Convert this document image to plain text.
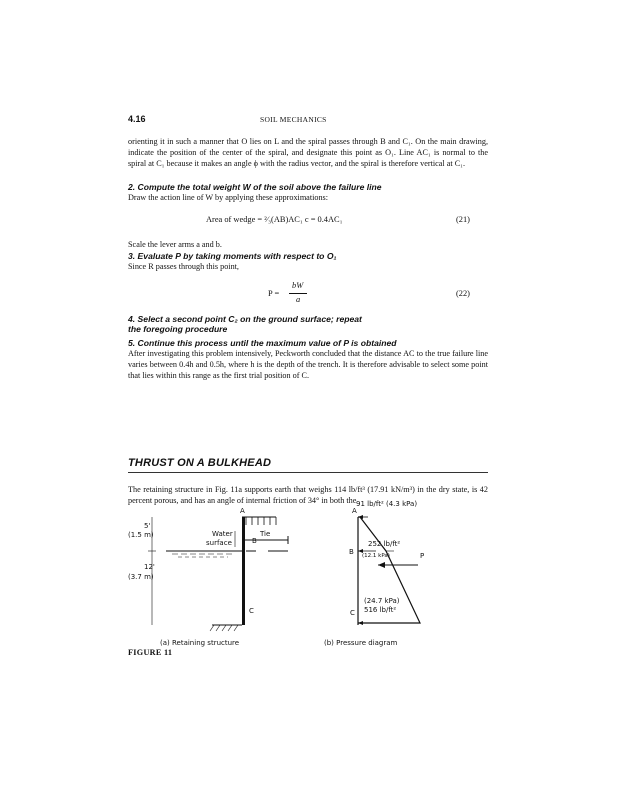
4.16	SOIL MECHANICS
orienting it in such a manner that O lies on L and the spiral passes through B and C₁. On the main drawing, indicate the position of the center of the spiral, and designate this point as O₁. Line AC₁ is normal to the spiral at C₁ because it makes an angle ϕ with the radius vector, and the spiral is therefore vertical at C₁.
2. Compute the total weight W of the soil above the failure line
Draw the action line of W by applying these approximations:
Area of wedge = ²⁄₃(AB)AC₁ c = 0.4AC₁	(21)
Scale the lever arms a and b.
3. Evaluate P by taking moments with respect to O₁
Since R passes through this point,
P =
bW
a
(22)
4. Select a second point C₂ on the ground surface; repeat
the foregoing procedure
5. Continue this process until the maximum value of P is obtained
After investigating this problem intensively, Peckworth concluded that the distance AC to the true failure line varies between 0.4h and 0.5h, where h is the depth of the trench. It is therefore advisable to select some point that lies within this range as the first trial position of C.
THRUST ON A BULKHEAD
The retaining structure in Fig. 11a supports earth that weighs 114 lb/ft³ (17.91 kN/m³) in the dry state, is 42 percent porous, and has an angle of internal friction of 34° in both the
A
Tie
Water
surface	B
5'
(1.5 m)
12'
(3.7 m)
C
(a) Retaining structure
A
91 lb/ft² (4.3 kPa)
B
252 lb/ft²
(12.1 kPa)	P
(24.7 kPa)
516 lb/ft²
C
(b) Pressure diagram
FIGURE 11
